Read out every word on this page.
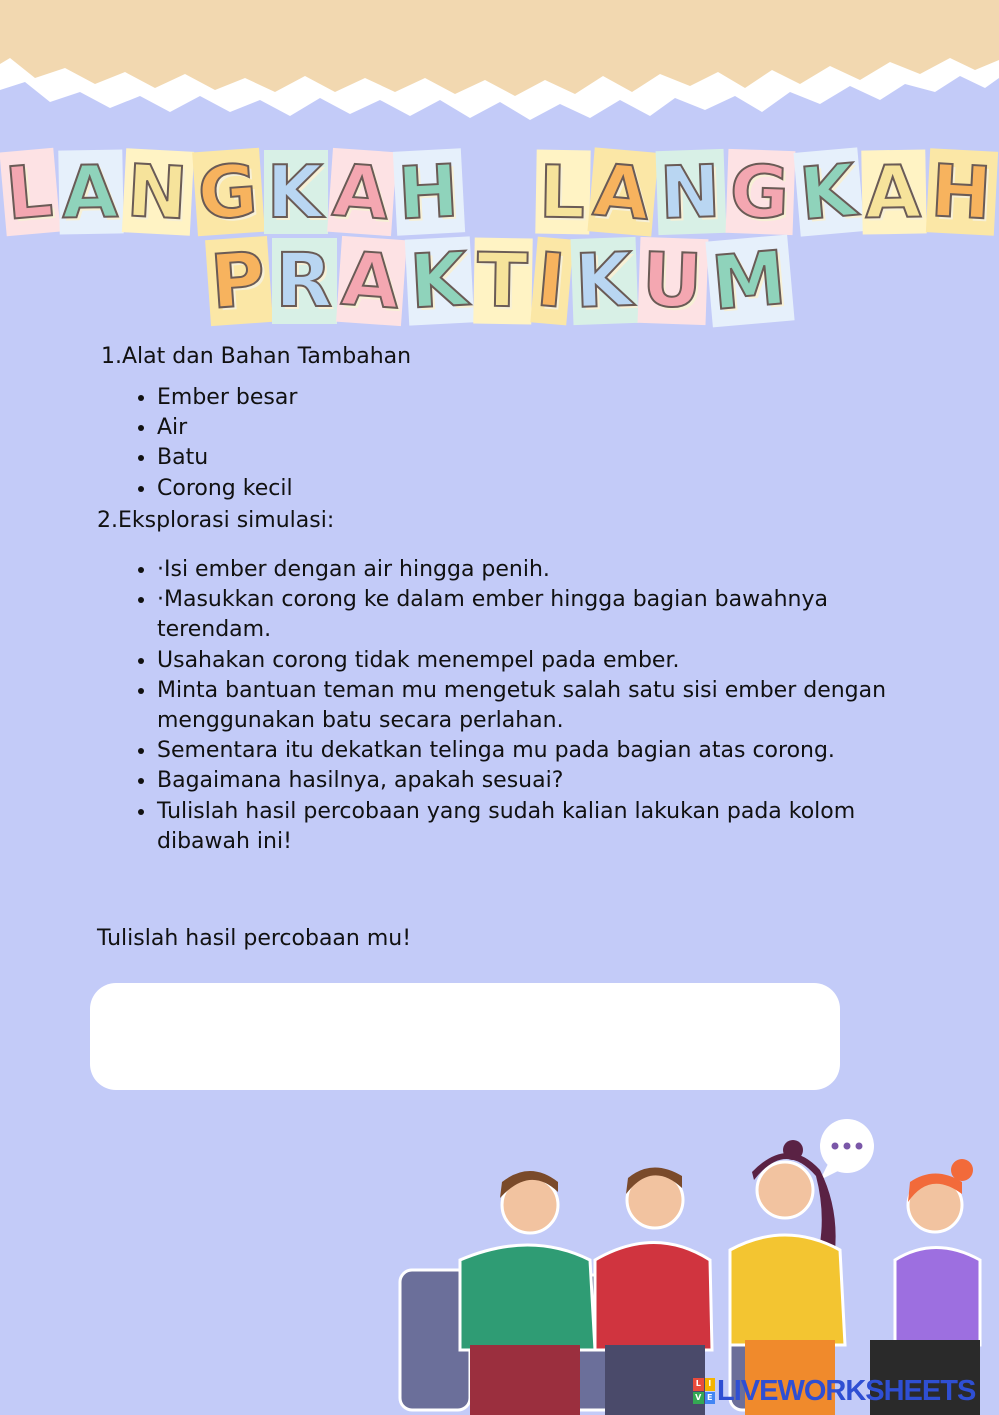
LANGKAH LANGKAH
PRAKTIKUM
1.Alat dan Bahan Tambahan
• Ember besar
• Air
• Batu
• Corong kecil
2.Eksplorasi simulasi:
• ·Isi ember dengan air hingga penih.
• ·Masukkan corong ke dalam ember hingga bagian bawahnya terendam.
• Usahakan corong tidak menempel pada ember.
• Minta bantuan teman mu mengetuk salah satu sisi ember dengan menggunakan batu secara perlahan.
• Sementara itu dekatkan telinga mu pada bagian atas corong.
• Bagaimana hasilnya, apakah sesuai?
• Tulislah hasil percobaan yang sudah kalian lakukan pada kolom dibawah ini!
Tulislah hasil percobaan mu!
L I
V E LIVEWORKSHEETS
